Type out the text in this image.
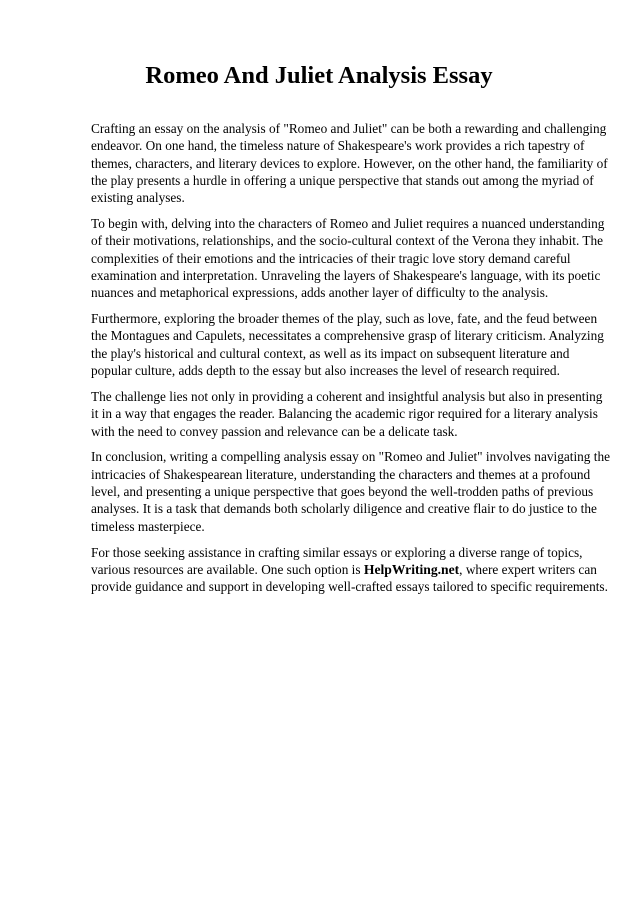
Romeo And Juliet Analysis Essay

Crafting an essay on the analysis of "Romeo and Juliet" can be both a rewarding and challenging
endeavor. On one hand, the timeless nature of Shakespeare's work provides a rich tapestry of
themes, characters, and literary devices to explore. However, on the other hand, the familiarity of
the play presents a hurdle in offering a unique perspective that stands out among the myriad of
existing analyses.

To begin with, delving into the characters of Romeo and Juliet requires a nuanced understanding
of their motivations, relationships, and the socio-cultural context of the Verona they inhabit. The
complexities of their emotions and the intricacies of their tragic love story demand careful
examination and interpretation. Unraveling the layers of Shakespeare's language, with its poetic
nuances and metaphorical expressions, adds another layer of difficulty to the analysis.

Furthermore, exploring the broader themes of the play, such as love, fate, and the feud between
the Montagues and Capulets, necessitates a comprehensive grasp of literary criticism. Analyzing
the play's historical and cultural context, as well as its impact on subsequent literature and
popular culture, adds depth to the essay but also increases the level of research required.

The challenge lies not only in providing a coherent and insightful analysis but also in presenting
it in a way that engages the reader. Balancing the academic rigor required for a literary analysis
with the need to convey passion and relevance can be a delicate task.

In conclusion, writing a compelling analysis essay on "Romeo and Juliet" involves navigating the
intricacies of Shakespearean literature, understanding the characters and themes at a profound
level, and presenting a unique perspective that goes beyond the well-trodden paths of previous
analyses. It is a task that demands both scholarly diligence and creative flair to do justice to the
timeless masterpiece.

For those seeking assistance in crafting similar essays or exploring a diverse range of topics,
various resources are available. One such option is HelpWriting.net, where expert writers can
provide guidance and support in developing well-crafted essays tailored to specific requirements.
